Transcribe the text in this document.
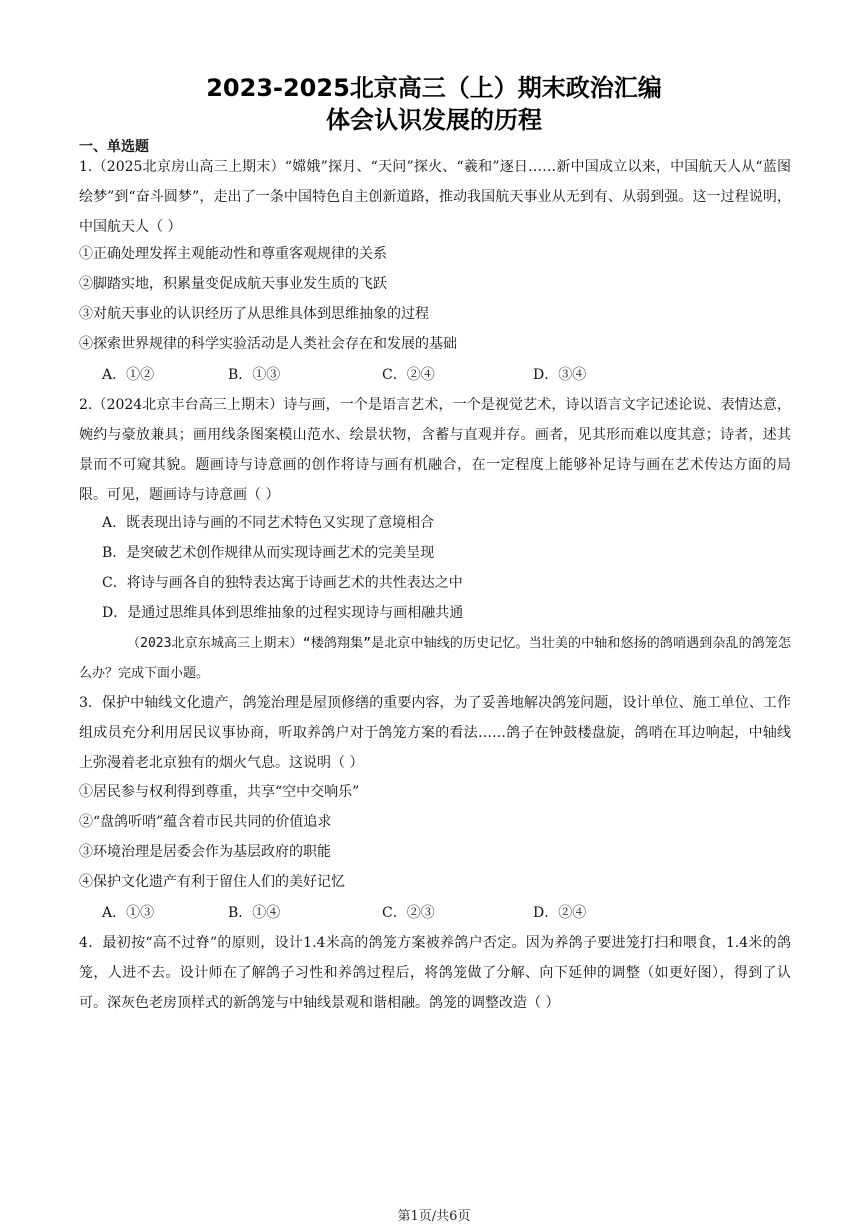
2023-2025北京高三（上）期末政治汇编
体会认识发展的历程
一、单选题

1.（2025北京房山高三上期末）“嫦娥”探月、“天问”探火、“羲和”逐日……新中国成立以来，中国航天人从“蓝图绘梦”到“奋斗圆梦”，走出了一条中国特色自主创新道路，推动我国航天事业从无到有、从弱到强。这一过程说明，中国航天人（ ）

①正确处理发挥主观能动性和尊重客观规律的关系
②脚踏实地，积累量变促成航天事业发生质的飞跃
③对航天事业的认识经历了从思维具体到思维抽象的过程
④探索世界规律的科学实验活动是人类社会存在和发展的基础
A．①②	B．①③	C．②④	D．③④

2.（2024北京丰台高三上期末）诗与画，一个是语言艺术，一个是视觉艺术，诗以语言文字记述论说、表情达意，婉约与豪放兼具；画用线条图案模山范水、绘景状物，含蓄与直观并存。画者，见其形而难以度其意；诗者，述其景而不可窥其貌。题画诗与诗意画的创作将诗与画有机融合，在一定程度上能够补足诗与画在艺术传达方面的局限。可见，题画诗与诗意画（ ）

A．既表现出诗与画的不同艺术特色又实现了意境相合
B．是突破艺术创作规律从而实现诗画艺术的完美呈现
C．将诗与画各自的独特表达寓于诗画艺术的共性表达之中
D．是通过思维具体到思维抽象的过程实现诗与画相融共通

（2023北京东城高三上期末）“楼鸽翔集”是北京中轴线的历史记忆。当壮美的中轴和悠扬的鸽哨遇到杂乱的鸽笼怎么办？完成下面小题。

3．保护中轴线文化遗产，鸽笼治理是屋顶修缮的重要内容，为了妥善地解决鸽笼问题，设计单位、施工单位、工作组成员充分利用居民议事协商，听取养鸽户对于鸽笼方案的看法……鸽子在钟鼓楼盘旋，鸽哨在耳边响起，中轴线上弥漫着老北京独有的烟火气息。这说明（ ）

①居民参与权利得到尊重，共享“空中交响乐”
②“盘鸽听哨”蕴含着市民共同的价值追求
③环境治理是居委会作为基层政府的职能
④保护文化遗产有利于留住人们的美好记忆
A．①③	B．①④	C．②③	D．②④

4．最初按“高不过脊”的原则，设计1.4米高的鸽笼方案被养鸽户否定。因为养鸽子要进笼打扫和喂食，1.4米的鸽笼，人进不去。设计师在了解鸽子习性和养鸽过程后，将鸽笼做了分解、向下延伸的调整（如更好图），得到了认可。深灰色老房顶样式的新鸽笼与中轴线景观和谐相融。鸽笼的调整改造（ ）

第1页/共6页
